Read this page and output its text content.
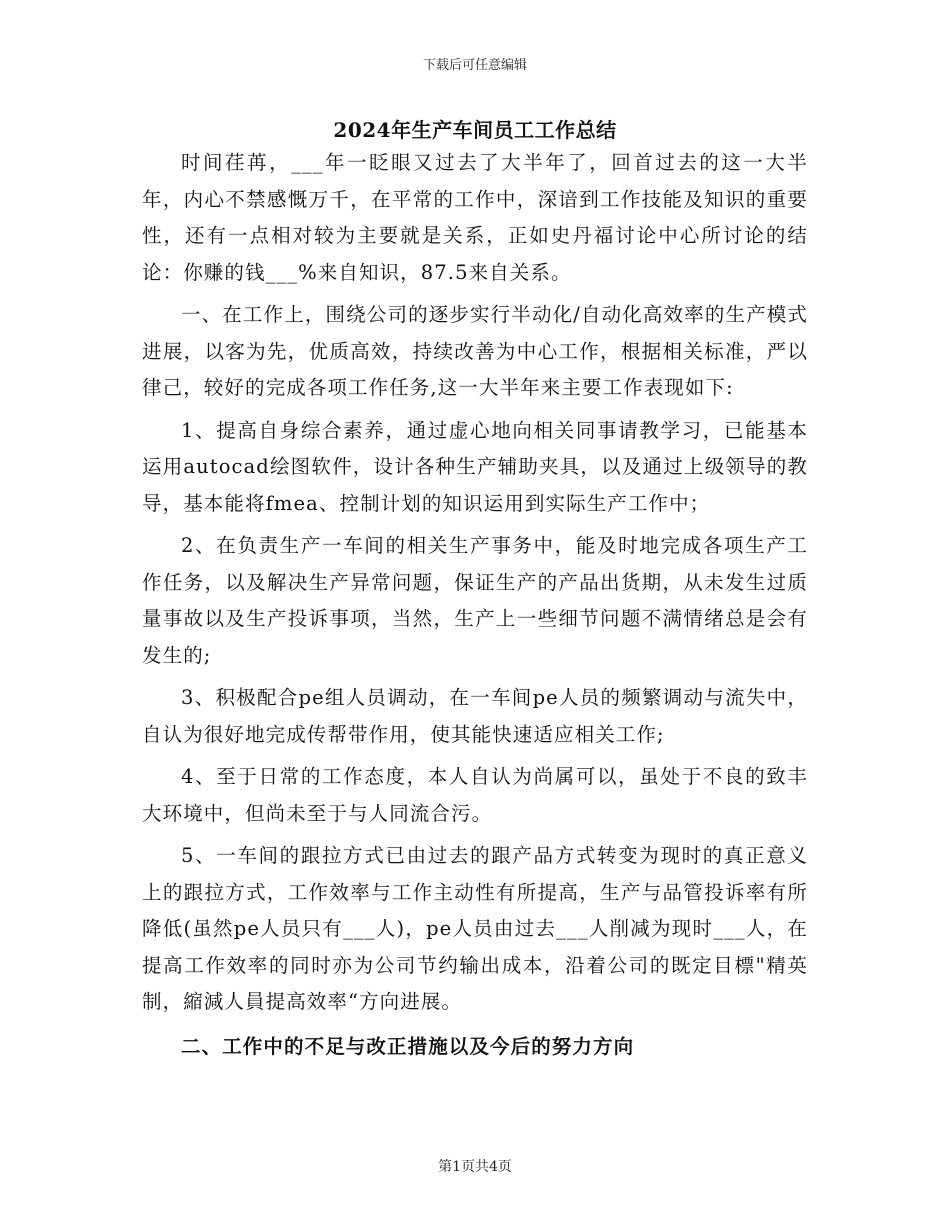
下载后可任意编辑
2024年生产车间员工工作总结

时间荏苒，___年一眨眼又过去了大半年了，回首过去的这一大半年，内心不禁感慨万千，在平常的工作中，深谙到工作技能及知识的重要性，还有一点相对较为主要就是关系，正如史丹福讨论中心所讨论的结论：你赚的钱___%来自知识，87.5来自关系。

一、在工作上，围绕公司的逐步实行半动化/自动化高效率的生产模式进展，以客为先，优质高效，持续改善为中心工作，根据相关标准，严以律己，较好的完成各项工作任务,这一大半年来主要工作表现如下:

1、提高自身综合素养，通过虚心地向相关同事请教学习，已能基本运用autocad绘图软件，设计各种生产辅助夹具，以及通过上级领导的教导，基本能将fmea、控制计划的知识运用到实际生产工作中；

2、在负责生产一车间的相关生产事务中，能及时地完成各项生产工作任务，以及解决生产异常问题，保证生产的产品出货期，从未发生过质量事故以及生产投诉事项，当然，生产上一些细节问题不满情绪总是会有发生的;

3、积极配合pe组人员调动，在一车间pe人员的频繁调动与流失中，自认为很好地完成传帮带作用，使其能快速适应相关工作;

4、至于日常的工作态度，本人自认为尚属可以，虽处于不良的致丰大环境中，但尚未至于与人同流合污。

5、一车间的跟拉方式已由过去的跟产品方式转变为现时的真正意义上的跟拉方式，工作效率与工作主动性有所提高，生产与品管投诉率有所降低(虽然pe人员只有___人)，pe人员由过去___人削减为现时___人，在提高工作效率的同时亦为公司节约输出成本，沿着公司的既定目標"精英制，縮減人員提高效率“方向进展。

二、工作中的不足与改正措施以及今后的努力方向

第1页共4页
